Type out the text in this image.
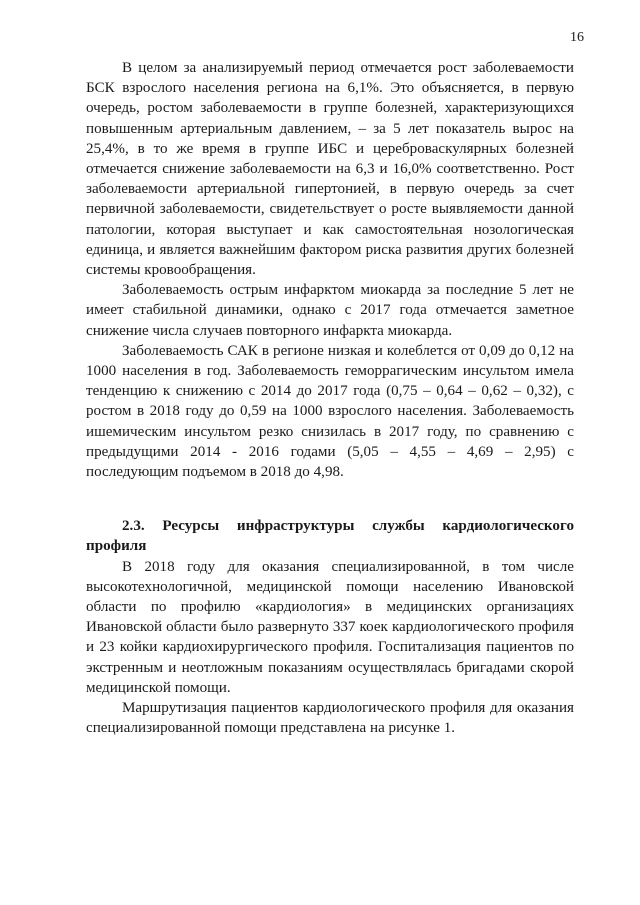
16

В целом за анализируемый период отмечается рост заболеваемости БСК взрослого населения региона на 6,1%. Это объясняется, в первую очередь, ростом заболеваемости в группе болезней, характеризующихся повышенным артериальным давлением, – за 5 лет показатель вырос на 25,4%, в то же время в группе ИБС и цереброваскулярных болезней отмечается снижение заболеваемости на 6,3 и 16,0% соответственно. Рост заболеваемости артериальной гипертонией, в первую очередь за счет первичной заболеваемости, свидетельствует о росте выявляемости данной патологии, которая выступает и как самостоятельная нозологическая единица, и является важнейшим фактором риска развития других болезней системы кровообращения.

Заболеваемость острым инфарктом миокарда за последние 5 лет не имеет стабильной динамики, однако с 2017 года отмечается заметное снижение числа случаев повторного инфаркта миокарда.

Заболеваемость САК в регионе низкая и колеблется от 0,09 до 0,12 на 1000 населения в год. Заболеваемость геморрагическим инсультом имела тенденцию к снижению с 2014 до 2017 года (0,75 – 0,64 – 0,62 – 0,32), с ростом в 2018 году до 0,59 на 1000 взрослого населения. Заболеваемость ишемическим инсультом резко снизилась в 2017 году, по сравнению с предыдущими 2014 - 2016 годами (5,05 – 4,55 – 4,69 – 2,95) с последующим подъемом в 2018 до 4,98.

2.3. Ресурсы инфраструктуры службы кардиологического профиля

В 2018 году для оказания специализированной, в том числе высокотехнологичной, медицинской помощи населению Ивановской области по профилю «кардиология» в медицинских организациях Ивановской области было развернуто 337 коек кардиологического профиля и 23 койки кардиохирургического профиля. Госпитализация пациентов по экстренным и неотложным показаниям осуществлялась бригадами скорой медицинской помощи.

Маршрутизация пациентов кардиологического профиля для оказания специализированной помощи представлена на рисунке 1.
